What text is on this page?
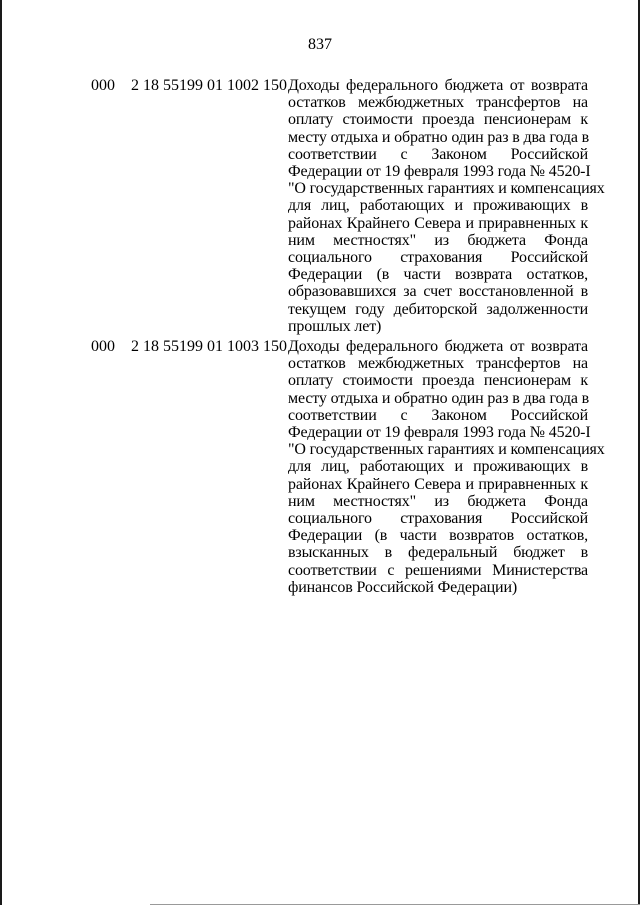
837
000 2 18 55199 01 1002 150 Доходы федерального бюджета от возврата
остатков межбюджетных трансфертов на
оплату стоимости проезда пенсионерам к
месту отдыха и обратно один раз в два года в
соответствии с Законом Российской
Федерации от 19 февраля 1993 года № 4520-I
"О государственных гарантиях и компенсациях
для лиц, работающих и проживающих в
районах Крайнего Севера и приравненных к
ним местностях" из бюджета Фонда
социального страхования Российской
Федерации (в части возврата остатков,
образовавшихся за счет восстановленной в
текущем году дебиторской задолженности
прошлых лет)
000 2 18 55199 01 1003 150 Доходы федерального бюджета от возврата
остатков межбюджетных трансфертов на
оплату стоимости проезда пенсионерам к
месту отдыха и обратно один раз в два года в
соответствии с Законом Российской
Федерации от 19 февраля 1993 года № 4520-I
"О государственных гарантиях и компенсациях
для лиц, работающих и проживающих в
районах Крайнего Севера и приравненных к
ним местностях" из бюджета Фонда
социального страхования Российской
Федерации (в части возвратов остатков,
взысканных в федеральный бюджет в
соответствии с решениями Министерства
финансов Российской Федерации)
